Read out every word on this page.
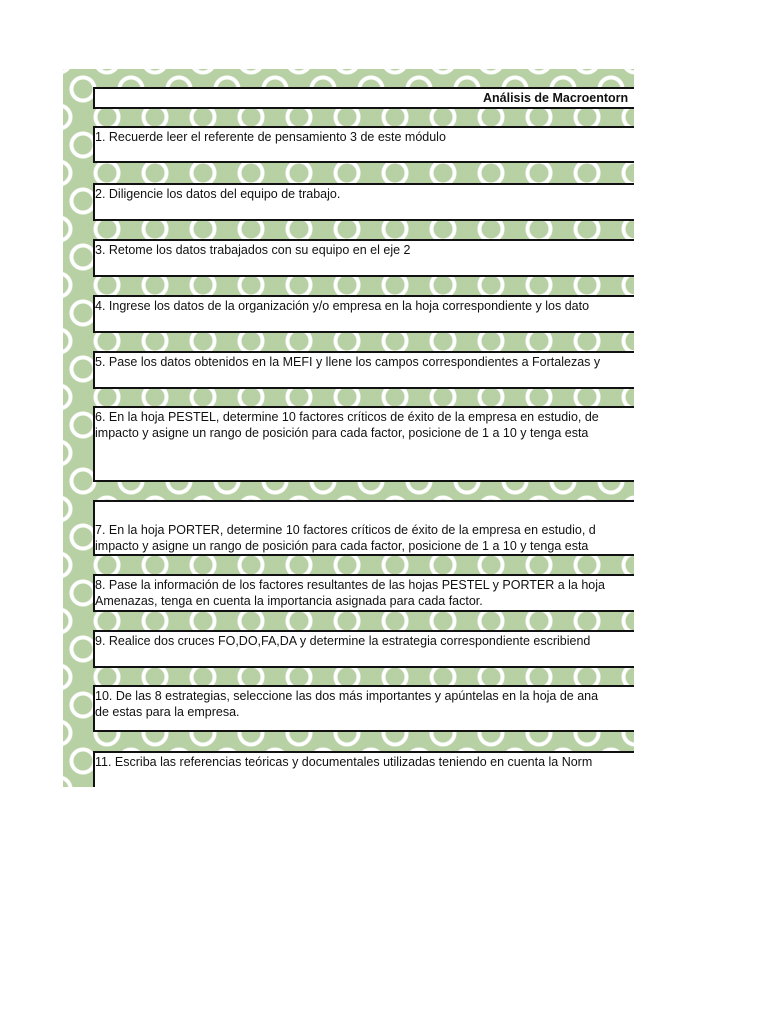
Análisis de Macroentorn
1. Recuerde leer el referente de pensamiento 3 de este módulo
2. Diligencie los datos del equipo de trabajo.
3. Retome los datos trabajados con su equipo en el eje 2
4. Ingrese los datos de la organización y/o empresa en la hoja correspondiente y los dato
5. Pase los datos obtenidos en la MEFI y llene los campos correspondientes a Fortalezas y
6. En la hoja PESTEL, determine 10 factores críticos de éxito de la empresa en estudio, de
impacto y asigne un rango de posición para cada factor, posicione de 1 a 10 y tenga esta
7. En la hoja PORTER, determine 10 factores críticos de éxito de la empresa en estudio, d
impacto y asigne un rango de posición para cada factor, posicione de 1 a 10 y tenga esta
8. Pase la información de los factores resultantes de las hojas PESTEL y PORTER a la hoja
Amenazas, tenga en cuenta la importancia asignada para cada factor.
9. Realice dos cruces FO,DO,FA,DA y determine la estrategia correspondiente escribiend
10. De las 8 estrategias, seleccione las dos más importantes y apúntelas en la hoja de ana
de estas para la empresa.
11. Escriba las referencias teóricas y documentales utilizadas teniendo en cuenta la Norm
